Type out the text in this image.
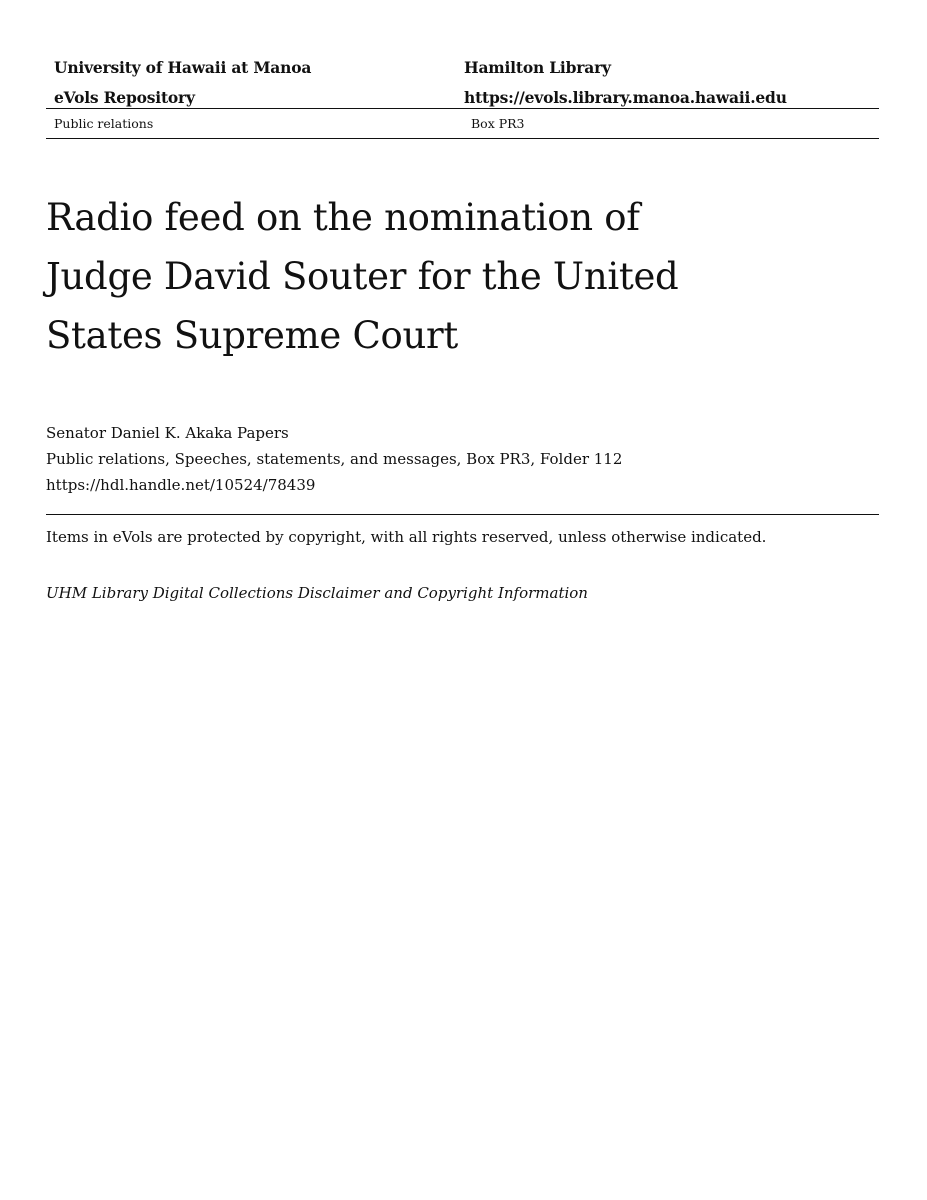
University of Hawaii at Manoa	Hamilton Library
eVols Repository	https://evols.library.manoa.hawaii.edu
Public relations	Box PR3
Radio feed on the nomination of
Judge David Souter for the United
States Supreme Court
Senator Daniel K. Akaka Papers
Public relations, Speeches, statements, and messages, Box PR3, Folder 112
https://hdl.handle.net/10524/78439
Items in eVols are protected by copyright, with all rights reserved, unless otherwise indicated.
UHM Library Digital Collections Disclaimer and Copyright Information
